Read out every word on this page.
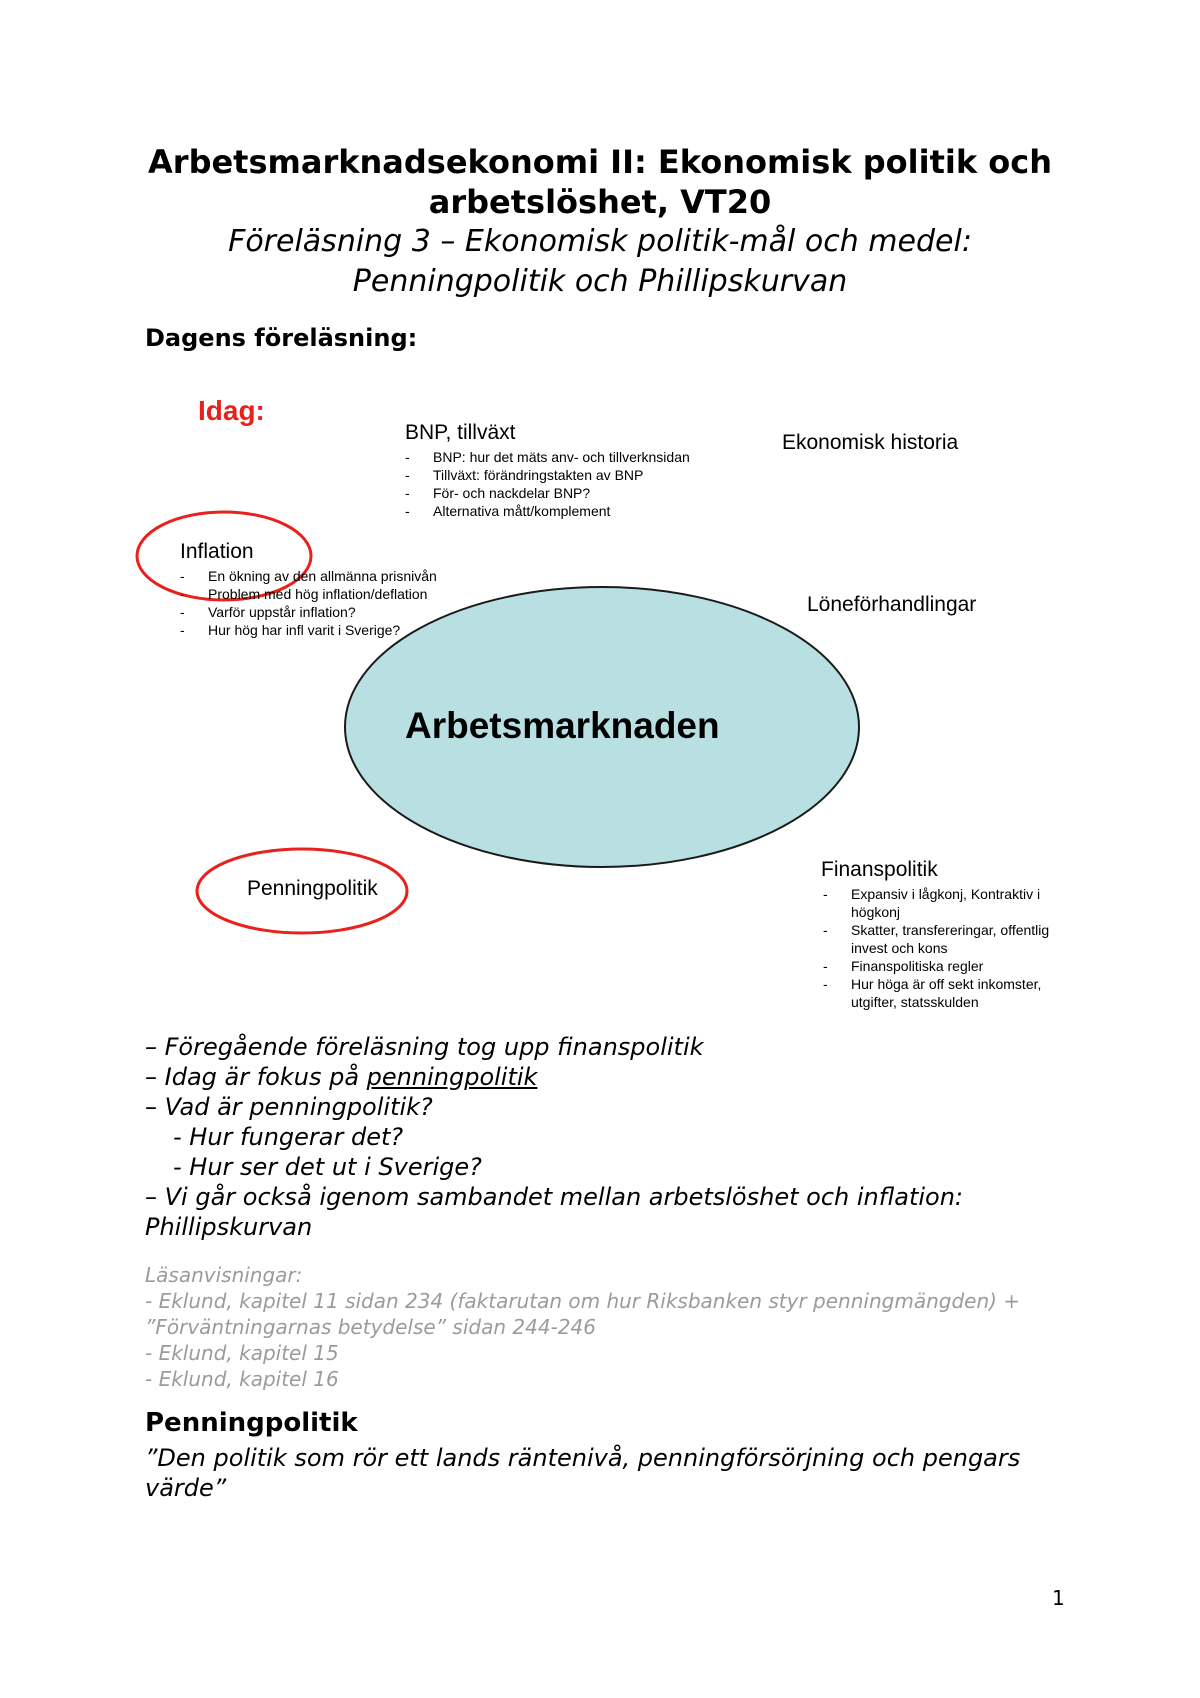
Arbetsmarknadsekonomi II: Ekonomisk politik och
arbetslöshet, VT20
Föreläsning 3 – Ekonomisk politik-mål och medel:
Penningpolitik och Phillipskurvan
Dagens föreläsning:
Idag:
BNP, tillväxt
- BNP: hur det mäts anv- och tillverknsidan
- Tillväxt: förändringstakten av BNP
- För- och nackdelar BNP?
- Alternativa mått/komplement
Ekonomisk historia
Inflation
- En ökning av den allmänna prisnivån
- Problem med hög inflation/deflation
- Varför uppstår inflation?
- Hur hög har infl varit i Sverige?
Löneförhandlingar
Arbetsmarknaden
Penningpolitik
Finanspolitik
- Expansiv i lågkonj, Kontraktiv i högkonj
- Skatter, transfereringar, offentlig invest och kons
- Finanspolitiska regler
- Hur höga är off sekt inkomster, utgifter, statsskulden
– Föregående föreläsning tog upp finanspolitik
– Idag är fokus på penningpolitik
– Vad är penningpolitik?
- Hur fungerar det?
- Hur ser det ut i Sverige?
– Vi går också igenom sambandet mellan arbetslöshet och inflation:
Phillipskurvan
Läsanvisningar:
- Eklund, kapitel 11 sidan 234 (faktarutan om hur Riksbanken styr penningmängden) +
”Förväntningarnas betydelse” sidan 244-246
- Eklund, kapitel 15
- Eklund, kapitel 16
Penningpolitik
”Den politik som rör ett lands räntenivå, penningförsörjning och pengars värde”
1
